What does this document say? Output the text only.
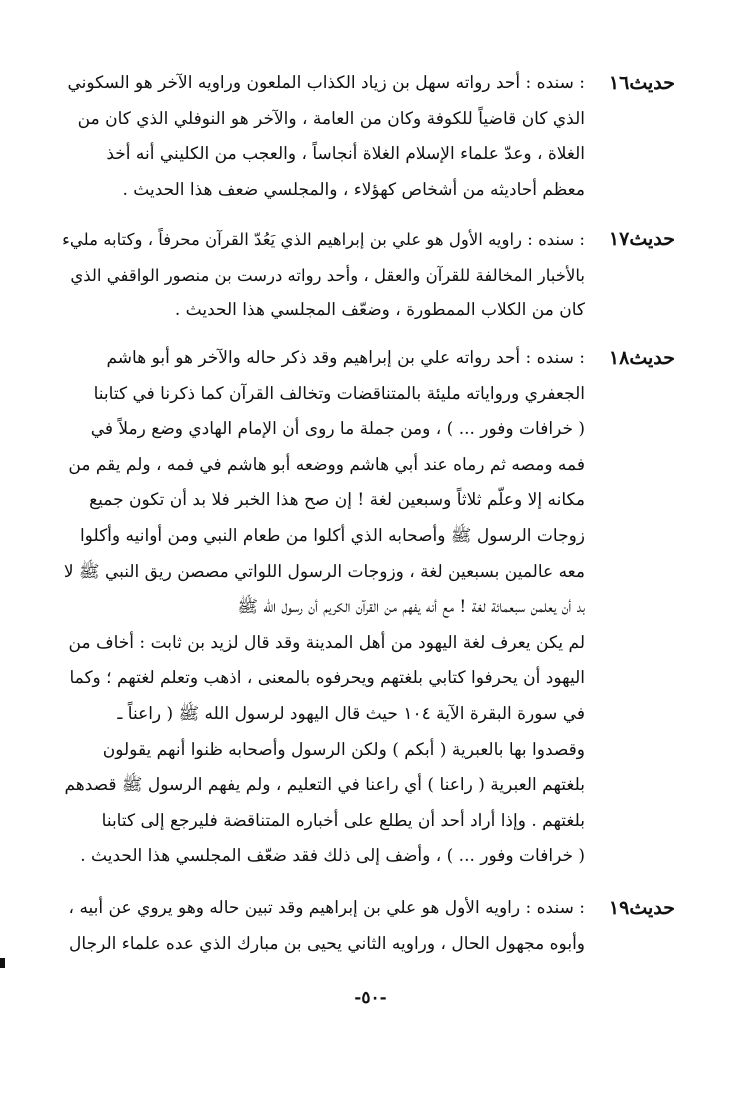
حديث١٦
: سنده : أحد رواته سهل بن زياد الكذاب الملعون وراويه الآخر هو السكوني
الذي كان قاضياً للكوفة وكان من العامة ، والآخر هو النوفلي الذي كان من
الغلاة ، وعدّ علماء الإسلام الغلاة أنجاساً ، والعجب من الكليني أنه أخذ
معظم أحاديثه من أشخاص كهؤلاء ، والمجلسي ضعف هذا الحديث .
حديث١٧
: سنده : راويه الأول هو علي بن إبراهيم الذي يَعُدّ القرآن محرفاً ، وكتابه مليء
بالأخبار المخالفة للقرآن والعقل ، وأحد رواته درست بن منصور الواقفي الذي
كان من الكلاب الممطورة ، وضعّف المجلسي هذا الحديث .
حديث١٨
: سنده : أحد رواته علي بن إبراهيم وقد ذكر حاله والآخر هو أبو هاشم
الجعفري ورواياته مليئة بالمتناقضات وتخالف القرآن كما ذكرنا في كتابنا
( خرافات وفور ... ) ، ومن جملة ما روى أن الإمام الهادي وضع رملاً في
فمه ومصه ثم رماه عند أبي هاشم ووضعه أبو هاشم في فمه ، ولم يقم من
مكانه إلا وعلّم ثلاثاً وسبعين لغة ! إن صح هذا الخبر فلا بد أن تكون جميع
زوجات الرسول ﷺ وأصحابه الذي أكلوا من طعام النبي ومن أوانيه وأكلوا
معه عالمين بسبعين لغة ، وزوجات الرسول اللواتي مصصن ريق النبي ﷺ لا
بد أن يعلمن سبعمائة لغة ! مع أنه يفهم من القرآن الكريم أن رسول الله ﷺ
لم يكن يعرف لغة اليهود من أهل المدينة وقد قال لزيد بن ثابت : أخاف من
اليهود أن يحرفوا كتابي بلغتهم ويحرفوه بالمعنى ، اذهب وتعلم لغتهم ؛ وكما
في سورة البقرة الآية ١٠٤ حيث قال اليهود لرسول الله ﷺ ( راعناً ـ
وقصدوا بها بالعبرية ( أبكم ) ولكن الرسول وأصحابه ظنوا أنهم يقولون
بلغتهم العبرية ( راعنا ) أي راعنا في التعليم ، ولم يفهم الرسول ﷺ قصدهم
بلغتهم . وإذا أراد أحد أن يطلع على أخباره المتناقضة فليرجع إلى كتابنا
( خرافات وفور ... ) ، وأضف إلى ذلك فقد ضعّف المجلسي هذا الحديث .
حديث١٩
: سنده : راويه الأول هو علي بن إبراهيم وقد تبين حاله وهو يروي عن أبيه ،
وأبوه مجهول الحال ، وراويه الثاني يحيى بن مبارك الذي عده علماء الرجال
-٥٠-
